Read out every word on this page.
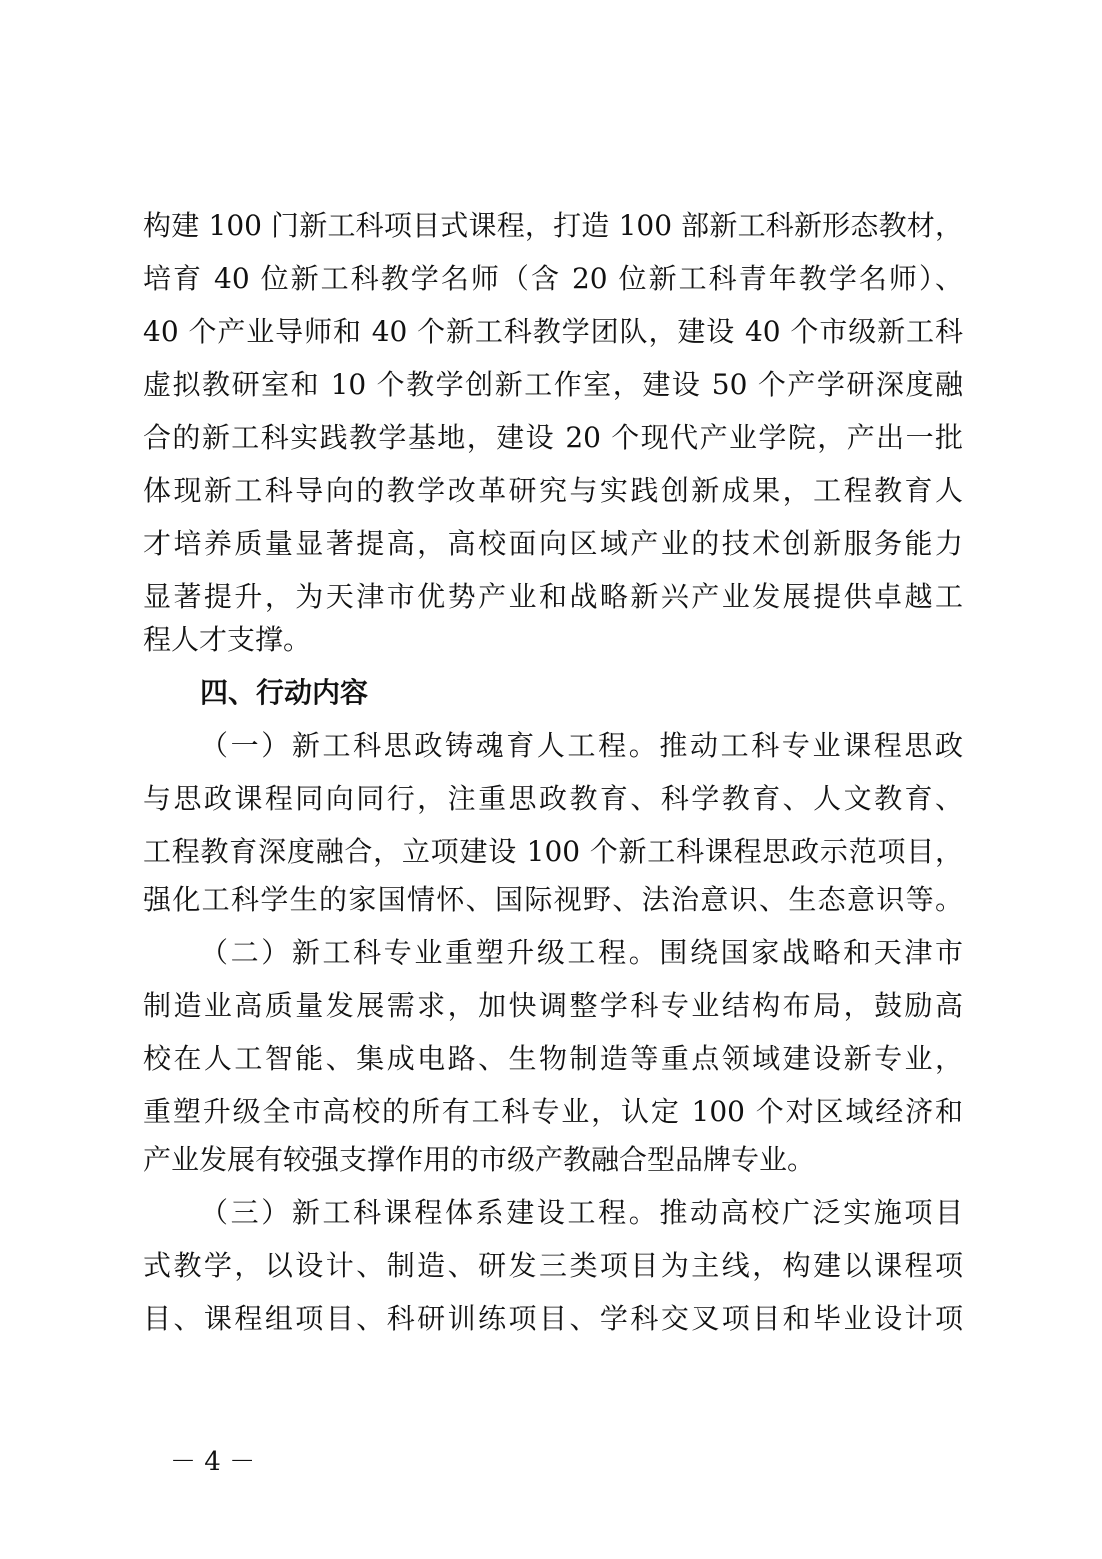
构建 100 门新工科项目式课程，打造 100 部新工科新形态教材，
培育 40 位新工科教学名师（含 20 位新工科青年教学名师）、
40 个产业导师和 40 个新工科教学团队，建设 40 个市级新工科
虚拟教研室和 10 个教学创新工作室，建设 50 个产学研深度融
合的新工科实践教学基地，建设 20 个现代产业学院，产出一批
体现新工科导向的教学改革研究与实践创新成果，工程教育人
才培养质量显著提高，高校面向区域产业的技术创新服务能力
显著提升，为天津市优势产业和战略新兴产业发展提供卓越工
程人才支撑。
四、行动内容
（一）新工科思政铸魂育人工程。推动工科专业课程思政
与思政课程同向同行，注重思政教育、科学教育、人文教育、
工程教育深度融合，立项建设 100 个新工科课程思政示范项目，
强化工科学生的家国情怀、国际视野、法治意识、生态意识等。
（二）新工科专业重塑升级工程。围绕国家战略和天津市
制造业高质量发展需求，加快调整学科专业结构布局，鼓励高
校在人工智能、集成电路、生物制造等重点领域建设新专业，
重塑升级全市高校的所有工科专业，认定 100 个对区域经济和
产业发展有较强支撑作用的市级产教融合型品牌专业。
（三）新工科课程体系建设工程。推动高校广泛实施项目
式教学，以设计、制造、研发三类项目为主线，构建以课程项
目、课程组项目、科研训练项目、学科交叉项目和毕业设计项
－ 4 －
